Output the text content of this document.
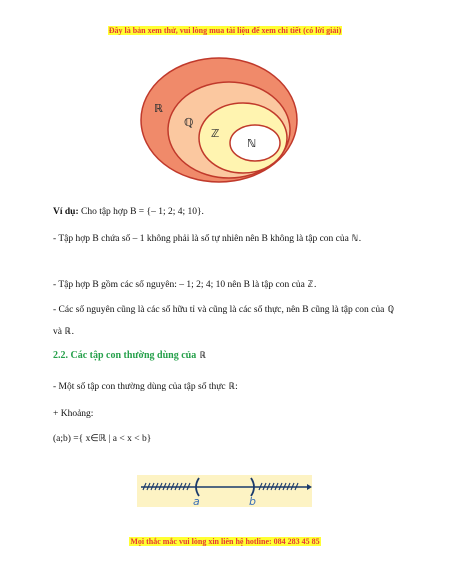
Đây là bản xem thử, vui lòng mua tài liệu để xem chi tiết (có lời giải)
ℝ
ℚ
ℤ
ℕ
Ví dụ: Cho tập hợp B = {– 1; 2; 4; 10}.
- Tập hợp B chứa số – 1 không phải là số tự nhiên nên B không là tập con của ℕ.
- Tập hợp B gồm các số nguyên: – 1; 2; 4; 10 nên B là tập con của ℤ.
- Các số nguyên cũng là các số hữu tỉ và cũng là các số thực, nên B cũng là tập con của ℚ và ℝ.
2.2. Các tập con thường dùng của ℝ
- Một số tập con thường dùng của tập số thực ℝ:
+ Khoảng:
(a;b) ={ x∈ℝ | a < x < b}
a	b
Mọi thắc mắc vui lòng xin liên hệ hotline: 084 283 45 85
